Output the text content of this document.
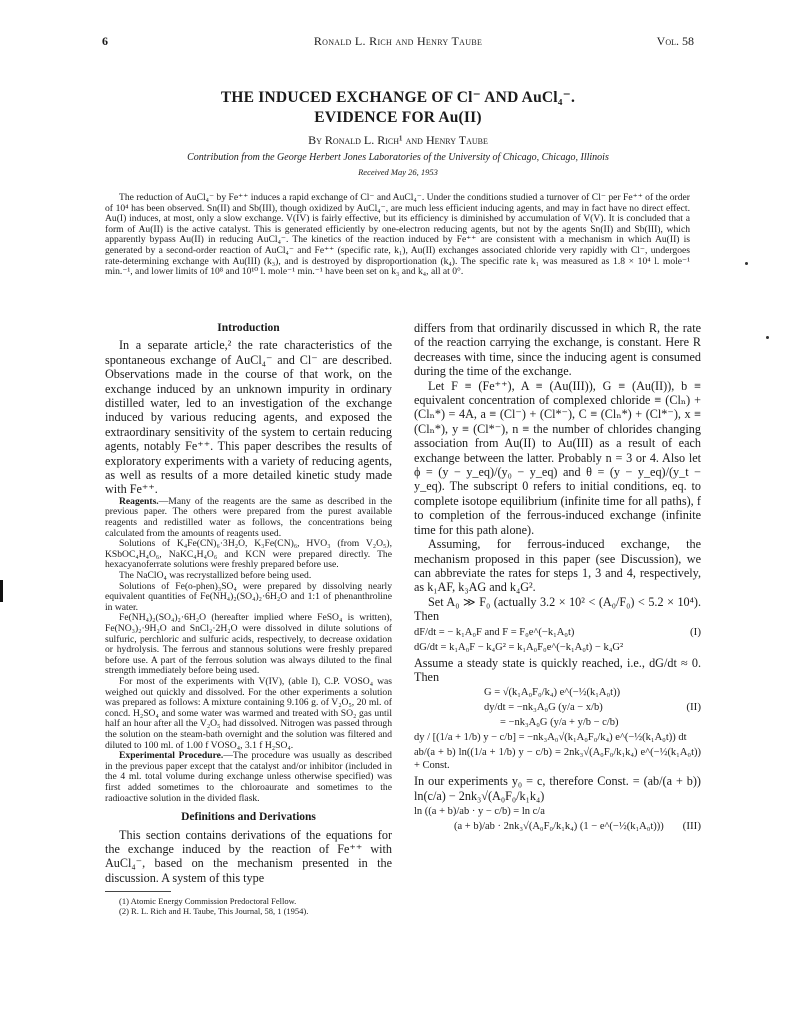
6	Ronald L. Rich and Henry Taube	Vol. 58
THE INDUCED EXCHANGE OF Cl⁻ AND AuCl₄⁻.
EVIDENCE FOR Au(II)
By Ronald L. Rich¹ and Henry Taube
Contribution from the George Herbert Jones Laboratories of the University of Chicago, Chicago, Illinois
Received May 26, 1953

The reduction of AuCl₄⁻ by Fe⁺⁺ induces a rapid exchange of Cl⁻ and AuCl₄⁻. Under the conditions studied a turnover of Cl⁻ per Fe⁺⁺ of the order of 10⁴ has been observed. Sn(II) and Sb(III), though oxidized by AuCl₄⁻, are much less efficient inducing agents, and may in fact have no direct effect. Au(I) induces, at most, only a slow exchange. V(IV) is fairly effective, but its efficiency is diminished by accumulation of V(V). It is concluded that a form of Au(II) is the active catalyst. This is generated efficiently by one-electron reducing agents, but not by the agents Sn(II) and Sb(III), which apparently bypass Au(II) in reducing AuCl₄⁻. The kinetics of the reaction induced by Fe⁺⁺ are consistent with a mechanism in which Au(II) is generated by a second-order reaction of AuCl₄⁻ and Fe⁺⁺ (specific rate, k₁), Au(II) exchanges associated chloride very rapidly with Cl⁻, undergoes rate-determining exchange with Au(III) (k₃), and is destroyed by disproportionation (k₄). The specific rate k₁ was measured as 1.8 × 10⁴ l. mole⁻¹ min.⁻¹, and lower limits of 10⁸ and 10¹⁰ l. mole⁻¹ min.⁻¹ have been set on k₃ and k₄, all at 0°.

Introduction

In a separate article,² the rate characteristics of the spontaneous exchange of AuCl₄⁻ and Cl⁻ are described. Observations made in the course of that work, on the exchange induced by an unknown impurity in ordinary distilled water, led to an investigation of the exchange induced by various reducing agents, and exposed the extraordinary sensitivity of the system to certain reducing agents, notably Fe⁺⁺. This paper describes the results of exploratory experiments with a variety of reducing agents, as well as results of a more detailed kinetic study made with Fe⁺⁺.

Reagents.—Many of the reagents are the same as described in the previous paper. The others were prepared from the purest available reagents and redistilled water as follows, the concentrations being calculated from the amounts of reagents used.

Solutions of K₄Fe(CN)₆·3H₂O, K₃Fe(CN)₆, HVO₃ (from V₂O₅), KSbOC₄H₄O₆, NaKC₄H₄O₆ and KCN were prepared directly. The hexacyanoferrate solutions were freshly prepared before use.

The NaClO₄ was recrystallized before being used.

Solutions of Fe(o-phen)₃SO₄ were prepared by dissolving nearly equivalent quantities of Fe(NH₄)₂(SO₄)₂·6H₂O and 1:1 of phenanthroline in water.

Fe(NH₄)₂(SO₄)₂·6H₂O (hereafter implied where FeSO₄ is written), Fe(NO₃)₂·9H₂O and SnCl₂·2H₂O were dissolved in dilute solutions of sulfuric, perchloric and sulfuric acids, respectively, to decrease oxidation or hydrolysis. The ferrous and stannous solutions were freshly prepared before use. A part of the ferrous solution was always diluted to the final strength immediately before being used.

For most of the experiments with V(IV), (able I), C.P. VOSO₄ was weighed out quickly and dissolved. For the other experiments a solution was prepared as follows: A mixture containing 9.106 g. of V₂O₅, 20 ml. of concd. H₂SO₄ and some water was warmed and treated with SO₂ gas until half an hour after all the V₂O₅ had dissolved. Nitrogen was passed through the solution on the steam-bath overnight and the solution was filtered and diluted to 100 ml. of 1.00 f VOSO₄, 3.1 f H₂SO₄.

Experimental Procedure.—The procedure was usually as described in the previous paper except that the catalyst and/or inhibitor (included in the 4 ml. total volume during exchange unless otherwise specified) was first added sometimes to the chloroaurate and sometimes to the radioactive solution in the divided flask.

Definitions and Derivations

This section contains derivations of the equations for the exchange induced by the reaction of Fe⁺⁺ with AuCl₄⁻, based on the mechanism presented in the discussion. A system of this type

(1) Atomic Energy Commission Predoctoral Fellow.

(2) R. L. Rich and H. Taube, This Journal, 58, 1 (1954).

differs from that ordinarily discussed in which R, the rate of the reaction carrying the exchange, is constant. Here R decreases with time, since the inducing agent is consumed during the time of the exchange.

Let F ≡ (Fe⁺⁺), A ≡ (Au(III)), G ≡ (Au(II)), b ≡ equivalent concentration of complexed chloride ≡ (Clₙ) + (Clₙ*) = 4A, a ≡ (Cl⁻) + (Cl*⁻), C ≡ (Clₙ*) + (Cl*⁻), x ≡ (Clₙ*), y ≡ (Cl*⁻), n ≡ the number of chlorides changing association from Au(II) to Au(III) as a result of each exchange between the latter. Probably n = 3 or 4. Also let ϕ = (y − y_eq)/(y₀ − y_eq) and θ = (y − y_eq)/(y_t − y_eq). The subscript 0 refers to initial conditions, eq. to complete isotope equilibrium (infinite time for all paths), f to completion of the ferrous-induced exchange (infinite time for this path alone).

Assuming, for ferrous-induced exchange, the mechanism proposed in this paper (see Discussion), we can abbreviate the rates for steps 1, 3 and 4, respectively, as k₁AF, k₃AG and k₄G².

Set A₀ ≫ F₀ (actually 3.2 × 10² < (A₀/F₀) < 5.2 × 10⁴). Then

(I)
dF/dt = − k₁A₀F and F = F₀e^(−k₁A₀t)
dG/dt = k₁A₀F − k₄G² = k₁A₀F₀e^(−k₁A₀t) − k₄G²

Assume a steady state is quickly reached, i.e., dG/dt ≈ 0. Then

G = √(k₁A₀F₀/k₄) e^(−½(k₁A₀t))
(II)
dy/dt = −nk₃A₀G (y/a − x/b)
= −nk₃A₀G (y/a + y/b − c/b)
dy / [(1/a + 1/b) y − c/b] = −nk₃A₀√(k₁A₀F₀/k₄) e^(−½(k₁A₀t)) dt
ab/(a + b) ln((1/a + 1/b) y − c/b) = 2nk₃√(A₀F₀/k₁k₄) e^(−½(k₁A₀t)) + Const.

In our experiments y₀ = c, therefore Const. = (ab/(a + b)) ln(c/a) − 2nk₃√(A₀F₀/k₁k₄)

ln ((a + b)/ab · y − c/b) = ln c/a
(III)
(a + b)/ab · 2nk₃√(A₀F₀/k₁k₄) (1 − e^(−½(k₁A₀t)))
